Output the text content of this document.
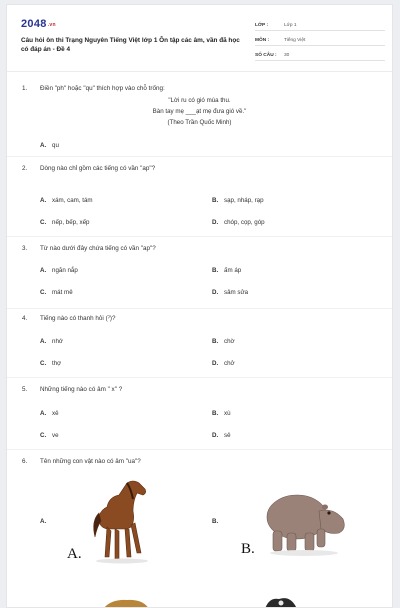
2048.vn
Câu hỏi ôn thi Trạng Nguyên Tiếng Việt lớp 1 Ôn tập các âm, vần đã học có đáp án - Đề 4
LỚP :	Lớp 1
MÔN :	Tiếng Việt
SỐ CÂU :	30
1. Điền "ph" hoặc "qu" thích hợp vào chỗ trống:
"Lời ru có gió mùa thu.
Bàn tay mẹ ___ạt mẹ đưa gió về."
(Theo Trần Quốc Minh)
A. qu
2. Dòng nào chỉ gồm các tiếng có vần "ap"?
A. xám, cam, tám	B. sạp, nháp, rạp
C. nếp, bếp, xếp	D. chóp, cọp, góp
3. Từ nào dưới đây chứa tiếng có vần "ap"?
A. ngăn nắp	B. ấm áp
C. mát mẻ	D. sâm sửa
4. Tiếng nào có thanh hỏi (ˀ)?
A. nhớ	B. chờ
C. thợ	D. chở
5. Những tiếng nào có âm " x" ?
A. xẻ	B. xù
C. ve	D. sẻ
6. Tên những con vật nào có âm "ua"?
A.	B.
A.	B.
